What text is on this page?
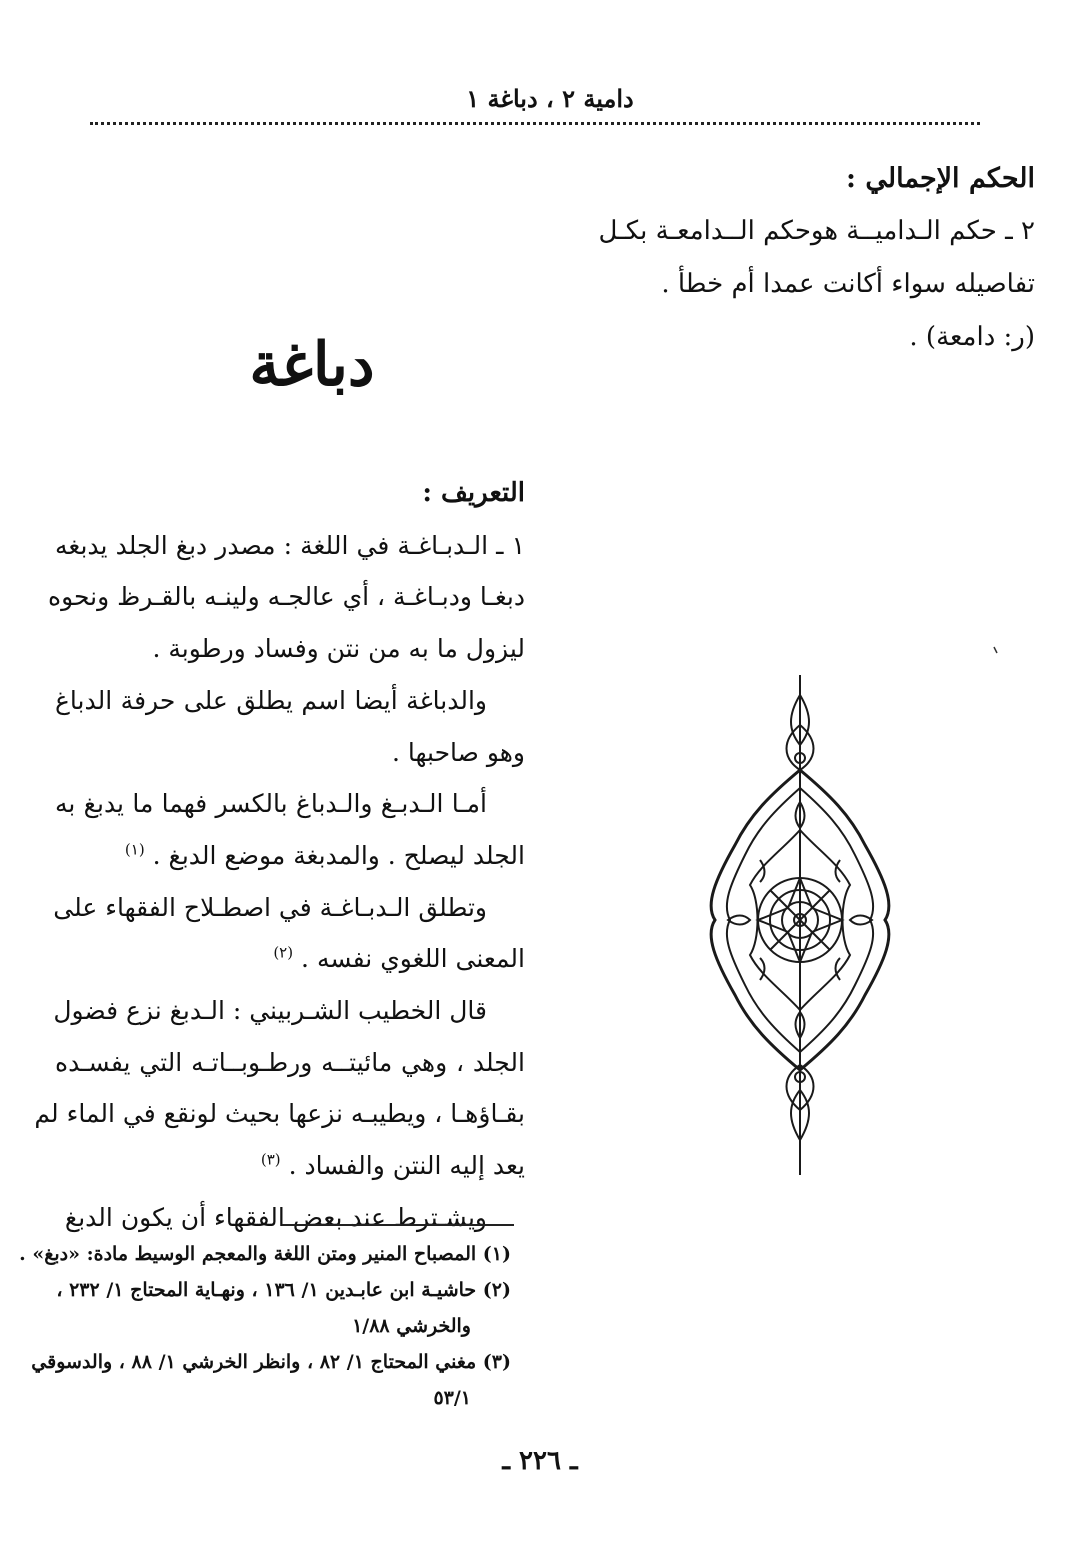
دامية ٢ ، دباغة ١
الحكم الإجمالي :
٢ ـ حكم الـداميــة هوحكم الــدامعـة بكـل
تفاصيله سواء أكانت عمدا أم خطأ .
(ر: دامعة) .
دباغة
التعريف :
١ ـ الـدبـاغـة في اللغة : مصدر دبغ الجلد يدبغه
دبغـا ودبـاغـة ، أي عالجـه ولينـه بالقـرظ ونحوه
ليزول ما به من نتن وفساد ورطوبة .
والدباغة أيضا اسم يطلق على حرفة الدباغ
وهو صاحبها .
أمـا الـدبـغ والـدباغ بالكسر فهما ما يدبغ به
الجلد ليصلح . والمدبغة موضع الدبغ . $^{(١)}$
وتطلق الـدبـاغـة في اصطـلاح الفقهاء على
المعنى اللغوي نفسه . $^{(٢)}$
قال الخطيب الشـربيني : الـدبغ نزع فضول
الجلد ، وهي مائيتــه ورطـوبــاتـه التي يفسـده
بقـاؤهـا ، ويطيبـه نزعها بحيث لونقع في الماء لم
يعد إليه النتن والفساد . $^{(٣)}$
ويشـترط عند بعض الفقهاء أن يكون الدبغ
(١) المصباح المنير ومتن اللغة والمعجم الوسيط مادة: «دبغ» .
(٢) حاشيـة ابن عابـدين ١/ ١٣٦ ، ونهـاية المحتاج ١/ ٢٣٢ ،
والخرشي ١/٨٨
(٣) مغني المحتاج ١/ ٨٢ ، وانظر الخرشي ١/ ٨٨ ، والدسوقي
٥٣/١
ـ ٢٢٦ ـ
